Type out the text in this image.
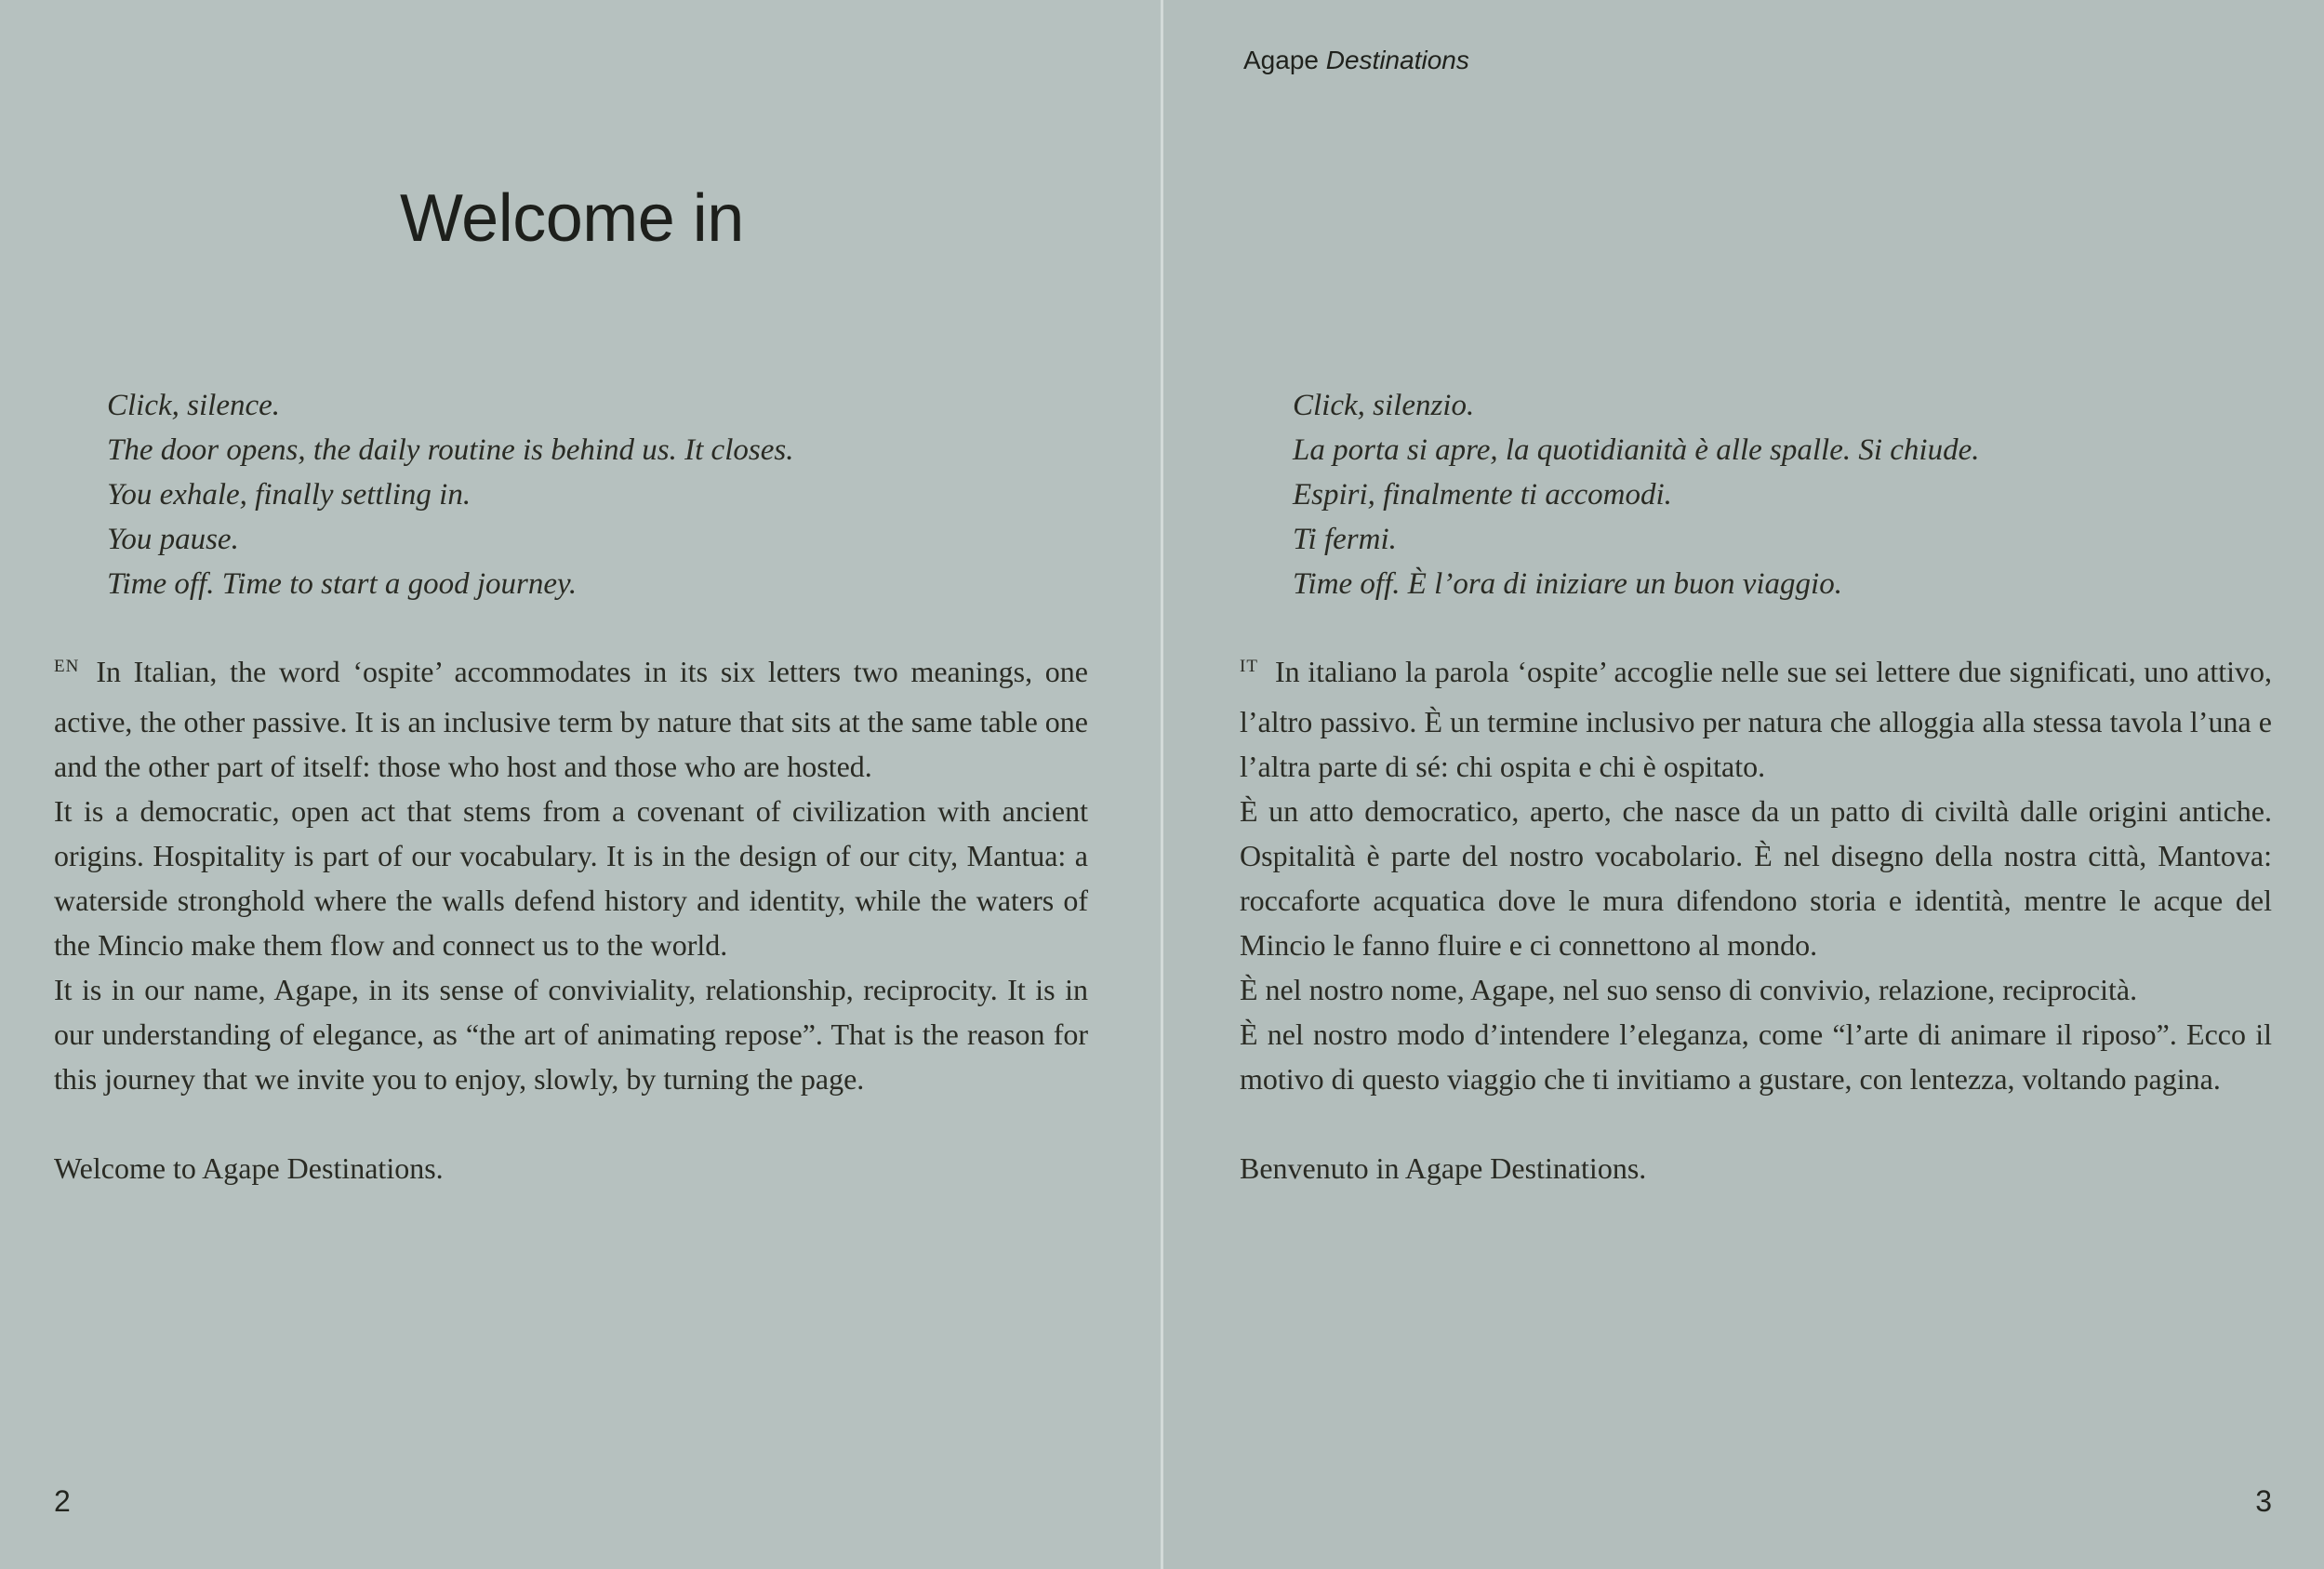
Welcome in
Click, silence.
The door opens, the daily routine is behind us. It closes.
You exhale, finally settling in.
You pause.
Time off. Time to start a good journey.

$^{EN}$ In Italian, the word ‘ospite’ accommodates in its six letters two meanings, one active, the other passive. It is an inclusive term by nature that sits at the same table one and the other part of itself: those who host and those who are hosted.

It is a democratic, open act that stems from a covenant of civilization with ancient origins. Hospitality is part of our vocabulary. It is in the design of our city, Mantua: a waterside stronghold where the walls defend history and identity, while the waters of the Mincio make them flow and connect us to the world.

It is in our name, Agape, in its sense of conviviality, relationship, reciprocity. It is in our understanding of elegance, as “the art of animating repose”. That is the reason for this journey that we invite you to enjoy, slowly, by turning the page.

Welcome to Agape Destinations.

2
Agape Destinations
Click, silenzio.
La porta si apre, la quotidianità è alle spalle. Si chiude.
Espiri, finalmente ti accomodi.
Ti fermi.
Time off. È l’ora di iniziare un buon viaggio.

$^{IT}$ In italiano la parola ‘ospite’ accoglie nelle sue sei lettere due significati, uno attivo, l’altro passivo. È un termine inclusivo per natura che alloggia alla stessa tavola l’una e l’altra parte di sé: chi ospita e chi è ospitato.

È un atto democratico, aperto, che nasce da un patto di civiltà dalle origini antiche. Ospitalità è parte del nostro vocabolario. È nel disegno della nostra città, Mantova: roccaforte acquatica dove le mura difendono storia e identità, mentre le acque del Mincio le fanno fluire e ci connettono al mondo.

È nel nostro nome, Agape, nel suo senso di convivio, relazione, reciprocità.

È nel nostro modo d’intendere l’eleganza, come “l’arte di animare il riposo”. Ecco il motivo di questo viaggio che ti invitiamo a gustare, con lentezza, voltando pagina.

Benvenuto in Agape Destinations.

3
